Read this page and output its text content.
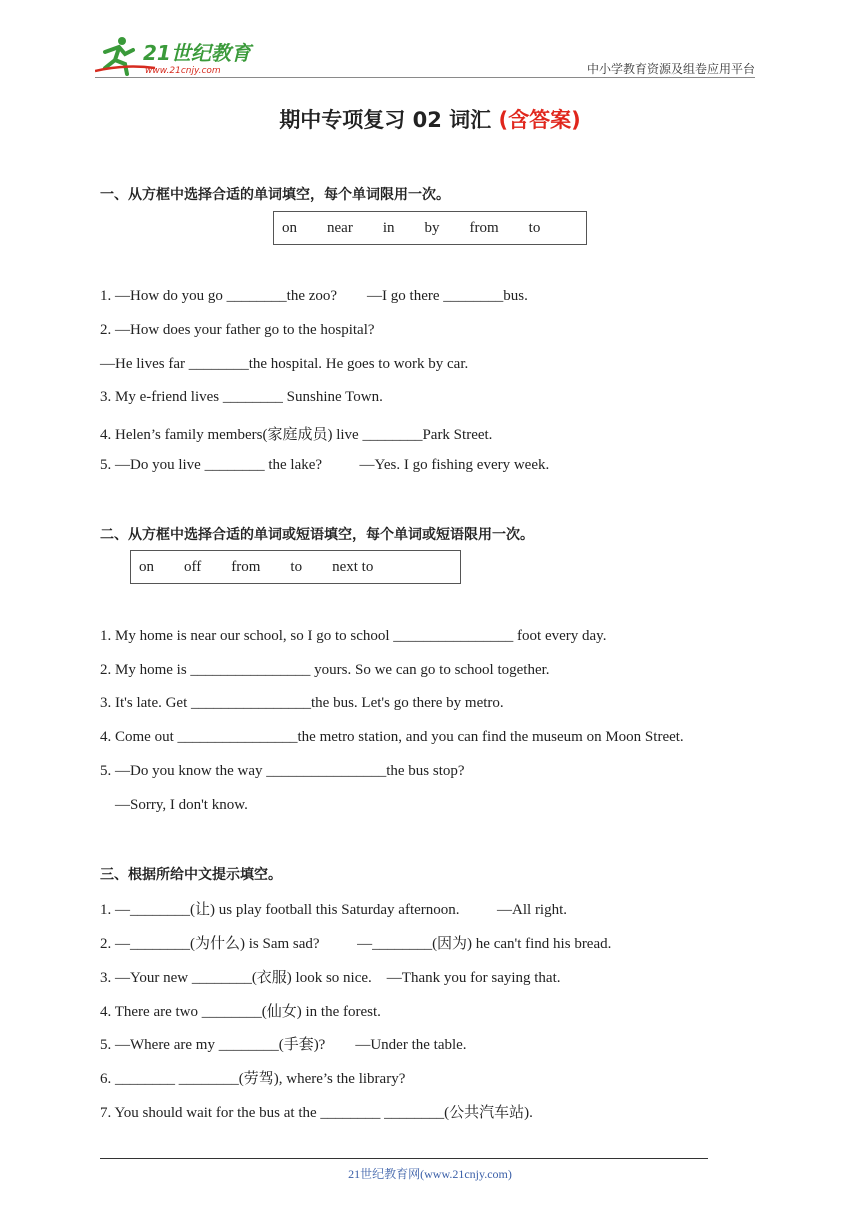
21世纪教育
www.21cnjy.com	中小学教育资源及组卷应用平台
期中专项复习 02 词汇 (含答案)
一、从方框中选择合适的单词填空，每个单词限用一次。
on near in by from to
1. —How do you go ________the zoo?        —I go there ________bus.
2. —How does your father go to the hospital?
—He lives far ________the hospital. He goes to work by car.
3. My e-friend lives ________ Sunshine Town.
4. Helen’s family members(家庭成员) live ________Park Street.
5. —Do you live ________ the lake?          —Yes. I go fishing every week.
二、从方框中选择合适的单词或短语填空，每个单词或短语限用一次。
on off from to next to
1. My home is near our school, so I go to school ________________ foot every day.
2. My home is ________________ yours. So we can go to school together.
3. It's late. Get ________________the bus. Let's go there by metro.
4. Come out ________________the metro station, and you can find the museum on Moon Street.
5. —Do you know the way ________________the bus stop?
—Sorry, I don't know.
三、根据所给中文提示填空。
1. —________(让) us play football this Saturday afternoon.          —All right.
2. —________(为什么) is Sam sad?          —________(因为) he can't find his bread.
3. —Your new ________(衣服) look so nice.    —Thank you for saying that.
4. There are two ________(仙女) in the forest.
5. —Where are my ________(手套)?        —Under the table.
6. ________ ________(劳驾), where’s the library?
7. You should wait for the bus at the ________ ________(公共汽车站).
21世纪教育网(www.21cnjy.com)
